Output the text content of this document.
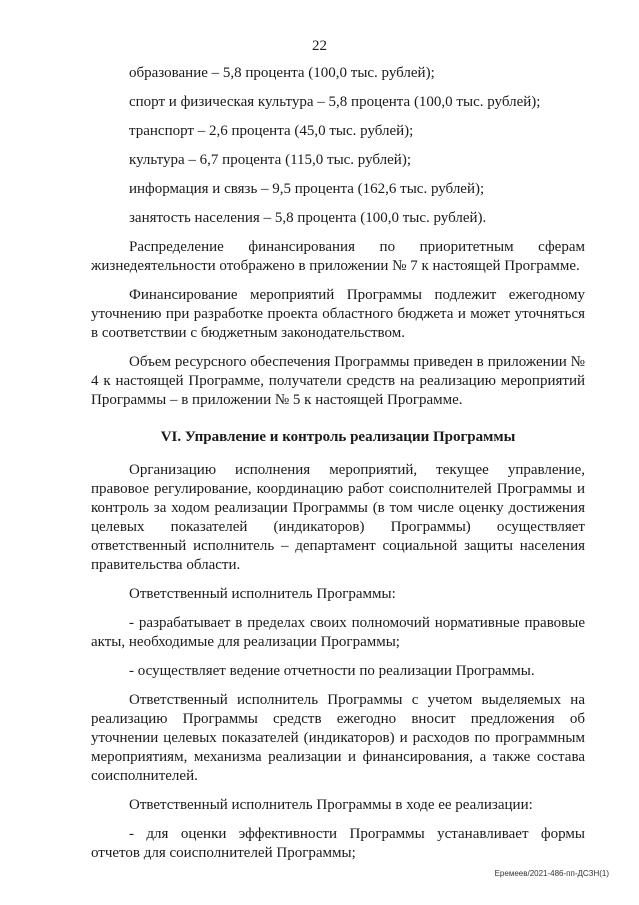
22
образование – 5,8 процента (100,0 тыс. рублей);
спорт и физическая культура – 5,8 процента (100,0 тыс. рублей);
транспорт – 2,6 процента (45,0 тыс. рублей);
культура – 6,7 процента (115,0 тыс. рублей);
информация и связь – 9,5 процента (162,6 тыс. рублей);
занятость населения – 5,8 процента (100,0 тыс. рублей).

Распределение финансирования по приоритетным сферам жизнедеятельности отображено в приложении № 7 к настоящей Программе.

Финансирование мероприятий Программы подлежит ежегодному уточнению при разработке проекта областного бюджета и может уточняться в соответствии с бюджетным законодательством.

Объем ресурсного обеспечения Программы приведен в приложении № 4 к настоящей Программе, получатели средств на реализацию мероприятий Программы – в приложении № 5 к настоящей Программе.

VI. Управление и контроль реализации Программы

Организацию исполнения мероприятий, текущее управление, правовое регулирование, координацию работ соисполнителей Программы и контроль за ходом реализации Программы (в том числе оценку достижения целевых показателей (индикаторов) Программы) осуществляет ответственный исполнитель – департамент социальной защиты населения правительства области.

Ответственный исполнитель Программы:

- разрабатывает в пределах своих полномочий нормативные правовые акты, необходимые для реализации Программы;

- осуществляет ведение отчетности по реализации Программы.

Ответственный исполнитель Программы с учетом выделяемых на реализацию Программы средств ежегодно вносит предложения об уточнении целевых показателей (индикаторов) и расходов по программным мероприятиям, механизма реализации и финансирования, а также состава соисполнителей.

Ответственный исполнитель Программы в ходе ее реализации:

- для оценки эффективности Программы устанавливает формы отчетов для соисполнителей Программы;

Еремеев/2021-486-пп-ДСЗН(1)
